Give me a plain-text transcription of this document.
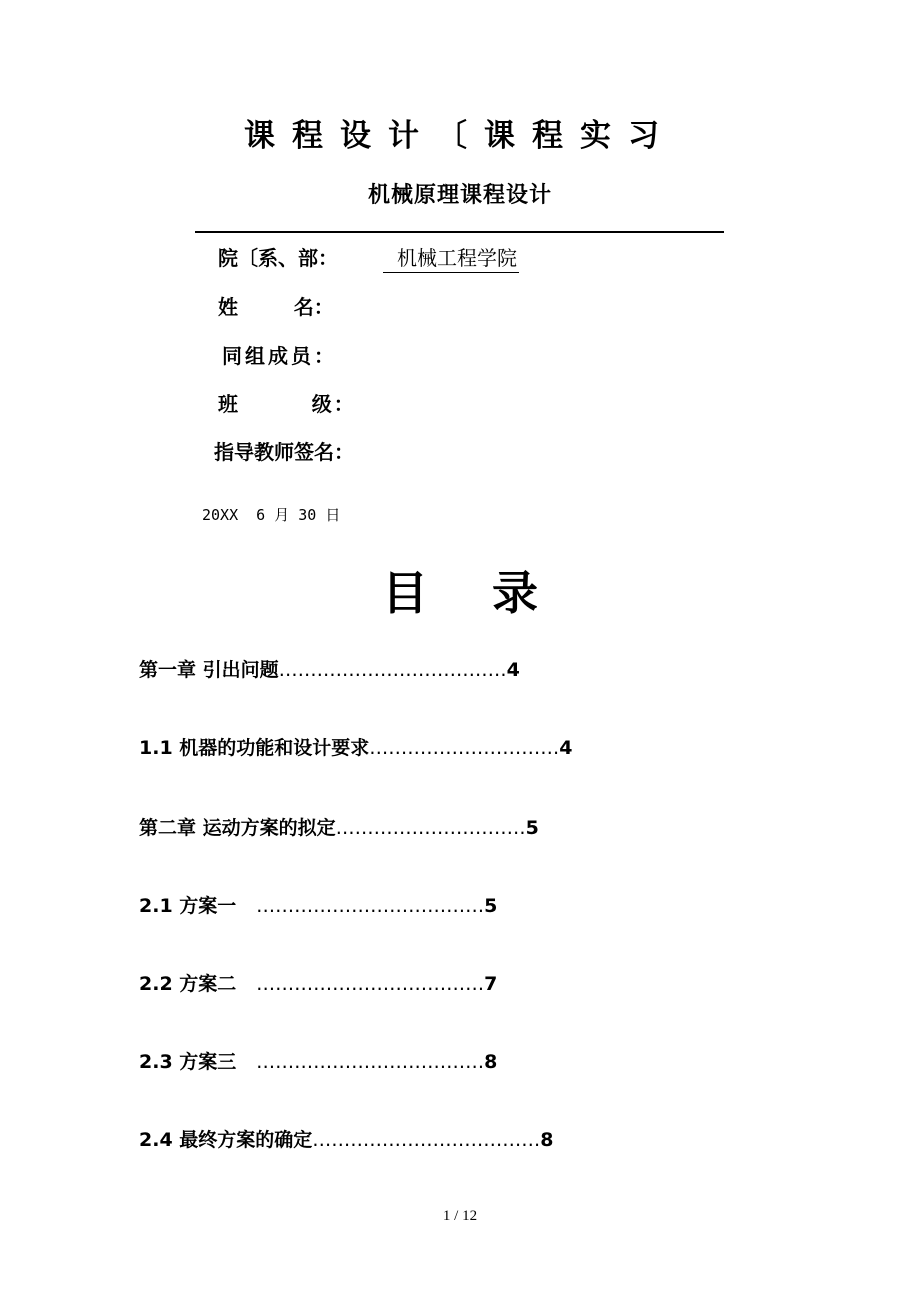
课程设计〔课程实习
机械原理课程设计
院〔系、部：	机械工程学院
姓        名：
同组成员：
班        级：
指导教师签名：
20XX  6 月 30 日
目    录
第一章 引出问题………………………………4
1.1 机器的功能和设计要求…………………………4
第二章 运动方案的拟定…………………………5
2.1 方案一   ………………………………5
2.2 方案二   ………………………………7
2.3 方案三   ………………………………8
2.4 最终方案的确定………………………………8
1 / 12
